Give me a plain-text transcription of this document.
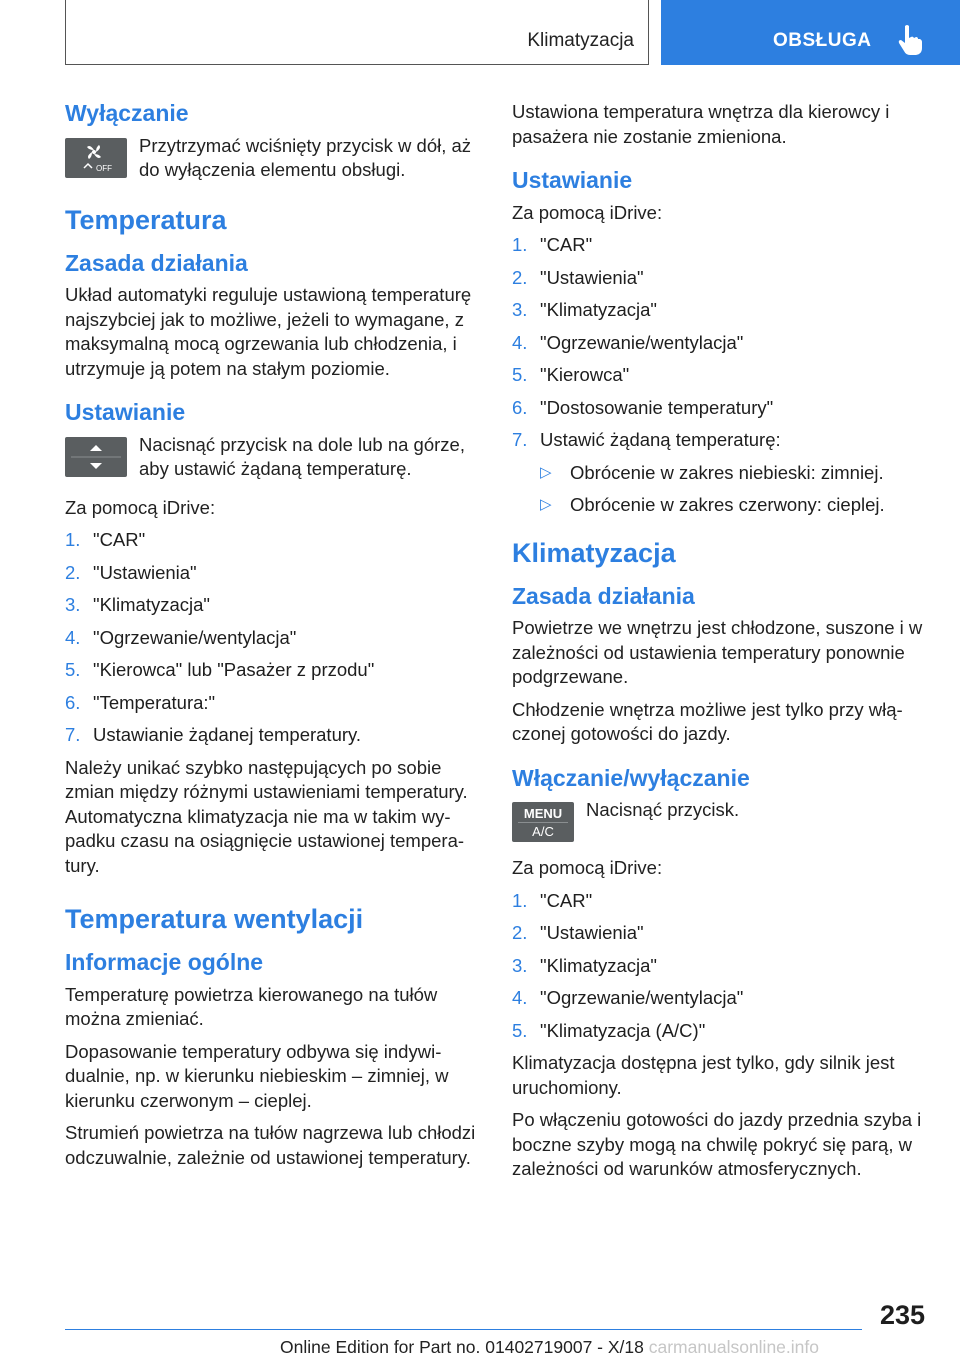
Klimatyzacja	OBSŁUGA
Wyłączanie
OFF
Przytrzymać wciśnięty przycisk w dół, aż do wyłączenia elementu obsługi.
Temperatura
Zasada działania
Układ automatyki reguluje ustawioną temperaturę najszybciej jak to możliwe, jeżeli to wymagane, z maksymalną mocą ogrzewania lub chłodzenia, i utrzymuje ją potem na stałym poziomie.
Ustawianie
Nacisnąć przycisk na dole lub na górze, aby ustawić żądaną temperaturę.
Za pomocą iDrive:
1. "CAR"
2. "Ustawienia"
3. "Klimatyzacja"
4. "Ogrzewanie/wentylacja"
5. "Kierowca" lub "Pasażer z przodu"
6. "Temperatura:"
7. Ustawianie żądanej temperatury.
Należy unikać szybko następujących po sobie zmian między różnymi ustawieniami temperatury. Automatyczna klimatyzacja nie ma w takim wypadku czasu na osiągnięcie ustawionej temperatury.
Temperatura wentylacji
Informacje ogólne
Temperaturę powietrza kierowanego na tułów można zmieniać.
Dopasowanie temperatury odbywa się indywidualnie, np. w kierunku niebieskim – zimniej, w kierunku czerwonym – cieplej.
Strumień powietrza na tułów nagrzewa lub chłodzi odczuwalnie, zależnie od ustawionej temperatury.
Ustawiona temperatura wnętrza dla kierowcy i pasażera nie zostanie zmieniona.
Ustawianie
Za pomocą iDrive:
1. "CAR"
2. "Ustawienia"
3. "Klimatyzacja"
4. "Ogrzewanie/wentylacja"
5. "Kierowca"
6. "Dostosowanie temperatury"
7. Ustawić żądaną temperaturę:
▷ Obrócenie w zakres niebieski: zimniej.
▷ Obrócenie w zakres czerwony: cieplej.
Klimatyzacja
Zasada działania
Powietrze we wnętrzu jest chłodzone, suszone i w zależności od ustawienia temperatury ponownie podgrzewane.
Chłodzenie wnętrza możliwe jest tylko przy włączonej gotowości do jazdy.
Włączanie/wyłączanie
MENU
A/C
Nacisnąć przycisk.
Za pomocą iDrive:
1. "CAR"
2. "Ustawienia"
3. "Klimatyzacja"
4. "Ogrzewanie/wentylacja"
5. "Klimatyzacja (A/C)"
Klimatyzacja dostępna jest tylko, gdy silnik jest uruchomiony.
Po włączeniu gotowości do jazdy przednia szyba i boczne szyby mogą na chwilę pokryć się parą, w zależności od warunków atmosferycznych.
235
Online Edition for Part no. 01402719007 - X/18 carmanualsonline.info
